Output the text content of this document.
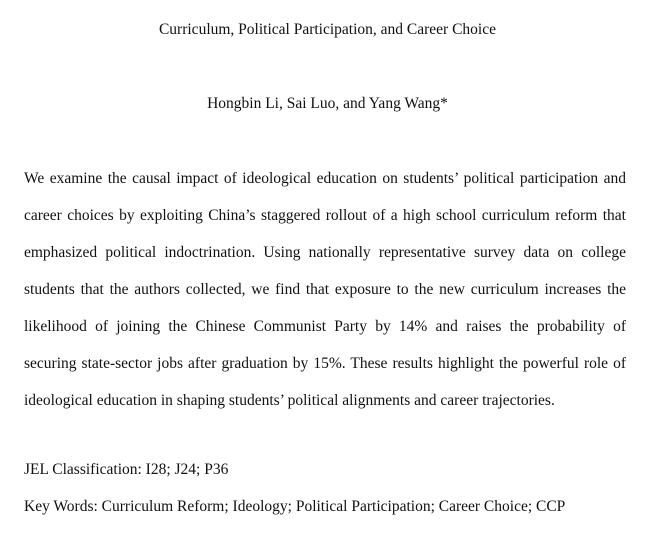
Curriculum, Political Participation, and Career Choice
Hongbin Li, Sai Luo, and Yang Wang*
We examine the causal impact of ideological education on students’ political participation and
career choices by exploiting China’s staggered rollout of a high school curriculum reform that
emphasized political indoctrination. Using nationally representative survey data on college
students that the authors collected, we find that exposure to the new curriculum increases the
likelihood of joining the Chinese Communist Party by 14% and raises the probability of
securing state-sector jobs after graduation by 15%. These results highlight the powerful role of
ideological education in shaping students’ political alignments and career trajectories.
JEL Classification: I28; J24; P36
Key Words: Curriculum Reform; Ideology; Political Participation; Career Choice; CCP
